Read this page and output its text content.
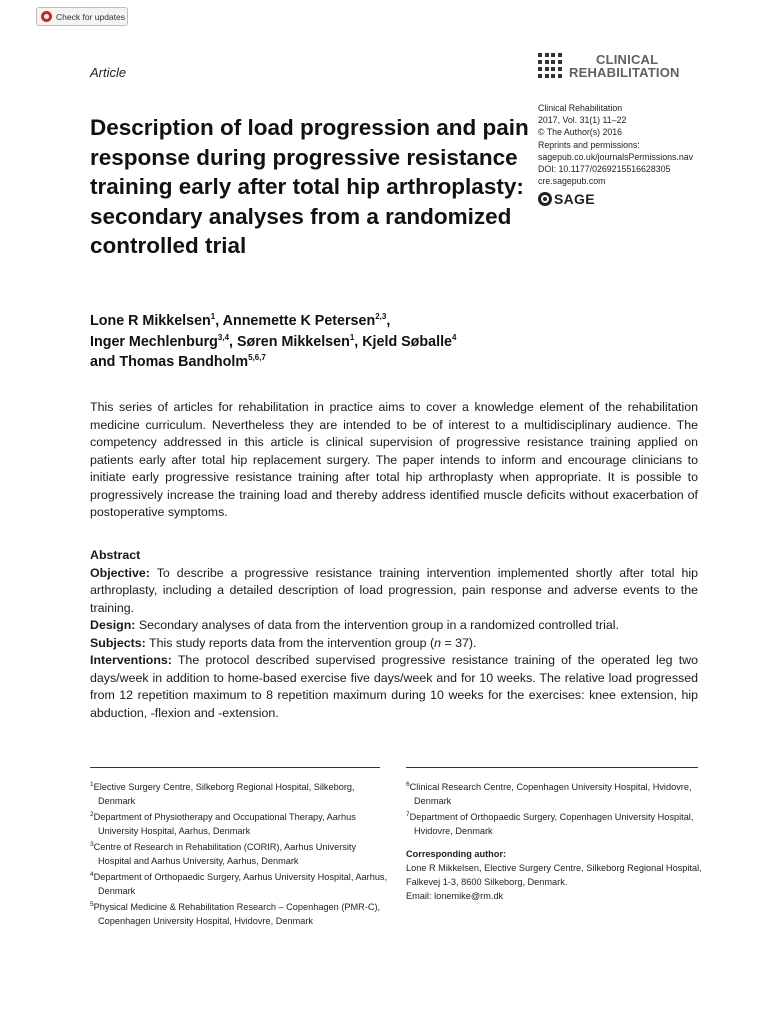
Check for updates
Article
CLINICAL
REHABILITATION
Description of load progression and pain response during progressive resistance training early after total hip arthroplasty: secondary analyses from a randomized controlled trial
Clinical Rehabilitation
2017, Vol. 31(1) 11–22
© The Author(s) 2016
Reprints and permissions:
sagepub.co.uk/journalsPermissions.nav
DOI: 10.1177/0269215516628305
cre.sagepub.com
SAGE
Lone R Mikkelsen$^1$, Annemette K Petersen$^{2,3}$,
Inger Mechlenburg$^{3,4}$, Søren Mikkelsen$^1$, Kjeld Søballe$^4$
and Thomas Bandholm$^{5,6,7}$

This series of articles for rehabilitation in practice aims to cover a knowledge element of the rehabilitation medicine curriculum. Nevertheless they are intended to be of interest to a multidisciplinary audience. The competency addressed in this article is clinical supervision of progressive resistance training applied on patients early after total hip replacement surgery. The paper intends to inform and encourage clinicians to initiate early progressive resistance training after total hip arthroplasty when appropriate. It is possible to progressively increase the training load and thereby address identified muscle deficits without exacerbation of postoperative symptoms.

Abstract

Objective: To describe a progressive resistance training intervention implemented shortly after total hip arthroplasty, including a detailed description of load progression, pain response and adverse events to the training.

Design: Secondary analyses of data from the intervention group in a randomized controlled trial.

Subjects: This study reports data from the intervention group (n = 37).

Interventions: The protocol described supervised progressive resistance training of the operated leg two days/week in addition to home-based exercise five days/week and for 10 weeks. The relative load progressed from 12 repetition maximum to 8 repetition maximum during 10 weeks for the exercises: knee extension, hip abduction, -flexion and -extension.

$^1$Elective Surgery Centre, Silkeborg Regional Hospital, Silkeborg, Denmark

$^2$Department of Physiotherapy and Occupational Therapy, Aarhus University Hospital, Aarhus, Denmark

$^3$Centre of Research in Rehabilitation (CORIR), Aarhus University Hospital and Aarhus University, Aarhus, Denmark

$^4$Department of Orthopaedic Surgery, Aarhus University Hospital, Aarhus, Denmark

$^5$Physical Medicine & Rehabilitation Research – Copenhagen (PMR-C), Copenhagen University Hospital, Hvidovre, Denmark

$^6$Clinical Research Centre, Copenhagen University Hospital, Hvidovre, Denmark

$^7$Department of Orthopaedic Surgery, Copenhagen University Hospital, Hvidovre, Denmark

Corresponding author:

Lone R Mikkelsen, Elective Surgery Centre, Silkeborg Regional Hospital, Falkevej 1-3, 8600 Silkeborg, Denmark.

Email: lonemike@rm.dk
